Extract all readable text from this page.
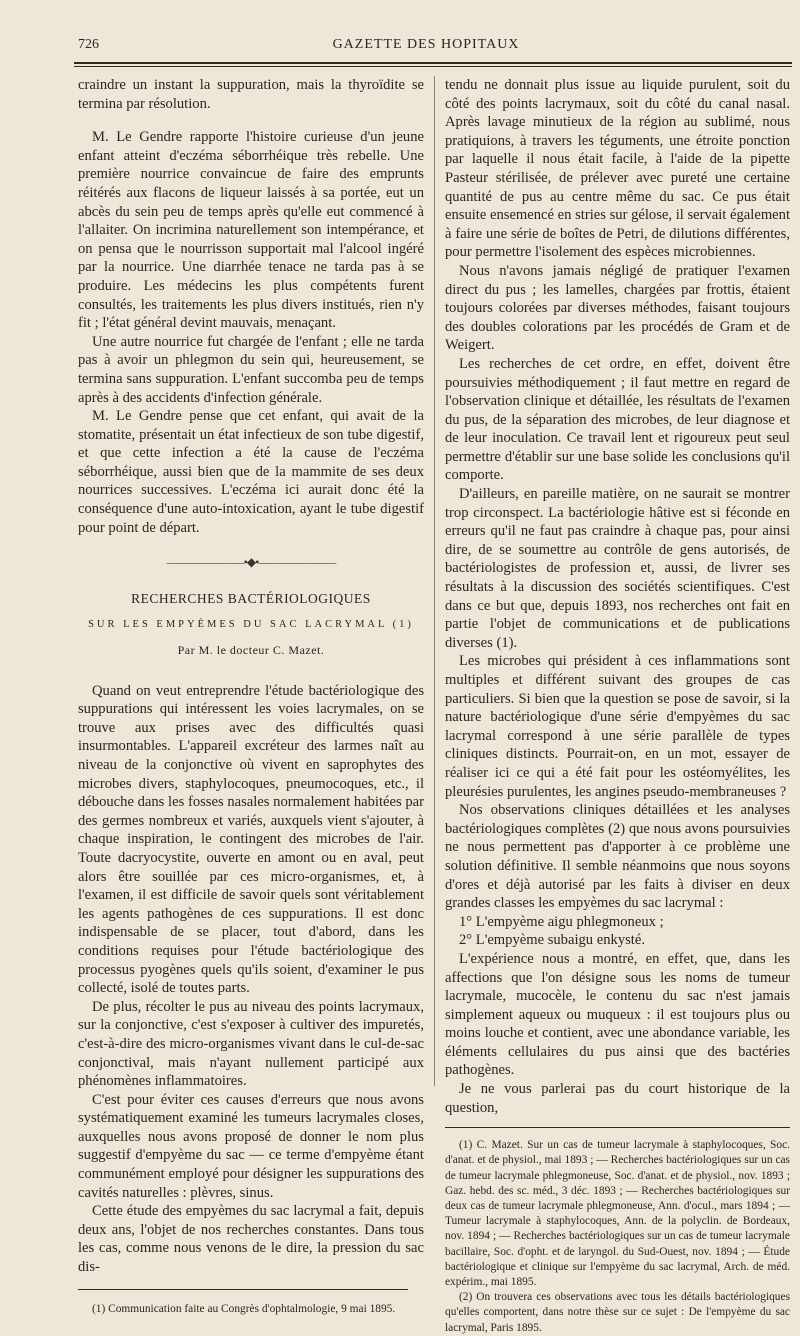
726	GAZETTE DES HOPITAUX

craindre un instant la suppuration, mais la thyroïdite se termina par résolution.

M. Le Gendre rapporte l'histoire curieuse d'un jeune enfant atteint d'eczéma séborrhéique très rebelle. Une première nourrice convaincue de faire des emprunts réitérés aux flacons de liqueur laissés à sa portée, eut un abcès du sein peu de temps après qu'elle eut commencé à l'allaiter. On incrimina naturellement son intempérance, et on pensa que le nourrisson supportait mal l'alcool ingéré par la nourrice. Une diarrhée tenace ne tarda pas à se produire. Les médecins les plus compétents furent consultés, les traitements les plus divers institués, rien n'y fit ; l'état général devint mauvais, menaçant.

Une autre nourrice fut chargée de l'enfant ; elle ne tarda pas à avoir un phlegmon du sein qui, heureusement, se termina sans suppuration. L'enfant succomba peu de temps après à des accidents d'infection générale.

M. Le Gendre pense que cet enfant, qui avait de la stomatite, présentait un état infectieux de son tube digestif, et que cette infection a été la cause de l'eczéma séborrhéique, aussi bien que de la mammite de ses deux nourrices successives. L'eczéma ici aurait donc été la conséquence d'une auto-intoxication, ayant le tube digestif pour point de départ.

———————•◆•———————
RECHERCHES BACTÉRIOLOGIQUES
SUR LES EMPYÈMES DU SAC LACRYMAL (1)
Par M. le docteur C. Mazet.

Quand on veut entreprendre l'étude bactériologique des suppurations qui intéressent les voies lacrymales, on se trouve aux prises avec des difficultés quasi insurmontables. L'appareil excréteur des larmes naît au niveau de la conjonctive où vivent en saprophytes des microbes divers, staphylocoques, pneumocoques, etc., il débouche dans les fosses nasales normalement habitées par des germes nombreux et variés, auxquels vient s'ajouter, à chaque inspiration, le contingent des microbes de l'air. Toute dacryocystite, ouverte en amont ou en aval, peut alors être souillée par ces micro-organismes, et, à l'examen, il est difficile de savoir quels sont véritablement les agents pathogènes de ces suppurations. Il est donc indispensable de se placer, tout d'abord, dans les conditions requises pour l'étude bactériologique des processus pyogènes quels qu'ils soient, d'examiner le pus collecté, isolé de toutes parts.

De plus, récolter le pus au niveau des points lacrymaux, sur la conjonctive, c'est s'exposer à cultiver des impuretés, c'est-à-dire des micro-organismes vivant dans le cul-de-sac conjonctival, mais n'ayant nullement participé aux phénomènes inflammatoires.

C'est pour éviter ces causes d'erreurs que nous avons systématiquement examiné les tumeurs lacrymales closes, auxquelles nous avons proposé de donner le nom plus suggestif d'empyème du sac — ce terme d'empyème étant communément employé pour désigner les suppurations des cavités naturelles : plèvres, sinus.

Cette étude des empyèmes du sac lacrymal a fait, depuis deux ans, l'objet de nos recherches constantes. Dans tous les cas, comme nous venons de le dire, la pression du sac dis-

(1) Communication faite au Congrès d'ophtalmologie, 9 mai 1895.

tendu ne donnait plus issue au liquide purulent, soit du côté des points lacrymaux, soit du côté du canal nasal. Après lavage minutieux de la région au sublimé, nous pratiquions, à travers les téguments, une étroite ponction par laquelle il nous était facile, à l'aide de la pipette Pasteur stérilisée, de prélever avec pureté une certaine quantité de pus au centre même du sac. Ce pus était ensuite ensemencé en stries sur gélose, il servait également à faire une série de boîtes de Petri, de dilutions différentes, pour permettre l'isolement des espèces microbiennes.

Nous n'avons jamais négligé de pratiquer l'examen direct du pus ; les lamelles, chargées par frottis, étaient toujours colorées par diverses méthodes, faisant toujours des doubles colorations par les procédés de Gram et de Weigert.

Les recherches de cet ordre, en effet, doivent être poursuivies méthodiquement ; il faut mettre en regard de l'observation clinique et détaillée, les résultats de l'examen du pus, de la séparation des microbes, de leur diagnose et de leur inoculation. Ce travail lent et rigoureux peut seul permettre d'établir sur une base solide les conclusions qu'il comporte.

D'ailleurs, en pareille matière, on ne saurait se montrer trop circonspect. La bactériologie hâtive est si féconde en erreurs qu'il ne faut pas craindre à chaque pas, pour ainsi dire, de se soumettre au contrôle de gens autorisés, de bactériologistes de profession et, aussi, de livrer ses résultats à la discussion des sociétés scientifiques. C'est dans ce but que, depuis 1893, nos recherches ont fait en partie l'objet de communications et de publications diverses (1).

Les microbes qui président à ces inflammations sont multiples et différent suivant des groupes de cas particuliers. Si bien que la question se pose de savoir, si la nature bactériologique d'une série d'empyèmes du sac lacrymal correspond à une série parallèle de types cliniques distincts. Pourrait-on, en un mot, essayer de réaliser ici ce qui a été fait pour les ostéomyélites, les pleurésies purulentes, les angines pseudo-membraneuses ?

Nos observations cliniques détaillées et les analyses bactériologiques complètes (2) que nous avons poursuivies ne nous permettent pas d'apporter à ce problème une solution définitive. Il semble néanmoins que nous soyons d'ores et déjà autorisé par les faits à diviser en deux grandes classes les empyèmes du sac lacrymal :

1° L'empyème aigu phlegmoneux ;

2° L'empyème subaigu enkysté.

L'expérience nous a montré, en effet, que, dans les affections que l'on désigne sous les noms de tumeur lacrymale, mucocèle, le contenu du sac n'est jamais simplement aqueux ou muqueux : il est toujours plus ou moins louche et contient, avec une abondance variable, les éléments cellulaires du pus ainsi que des bactéries pathogènes.

Je ne vous parlerai pas du court historique de la question,

(1) C. Mazet. Sur un cas de tumeur lacrymale à staphylocoques, Soc. d'anat. et de physiol., mai 1893 ; — Recherches bactériologiques sur un cas de tumeur lacrymale phlegmoneuse, Soc. d'anat. et de physiol., nov. 1893 ; Gaz. hebd. des sc. méd., 3 déc. 1893 ; — Recherches bactériologiques sur deux cas de tumeur lacrymale phlegmoneuse, Ann. d'ocul., mars 1894 ; — Tumeur lacrymale à staphylocoques, Ann. de la polyclin. de Bordeaux, nov. 1894 ; — Recherches bactériologiques sur un cas de tumeur lacrymale bacillaire, Soc. d'opht. et de laryngol. du Sud-Ouest, nov. 1894 ; — Étude bactériologique et clinique sur l'empyème du sac lacrymal, Arch. de méd. expérim., mai 1895.

(2) On trouvera ces observations avec tous les détails bactériologiques qu'elles comportent, dans notre thèse sur ce sujet : De l'empyème du sac lacrymal, Paris 1895.
